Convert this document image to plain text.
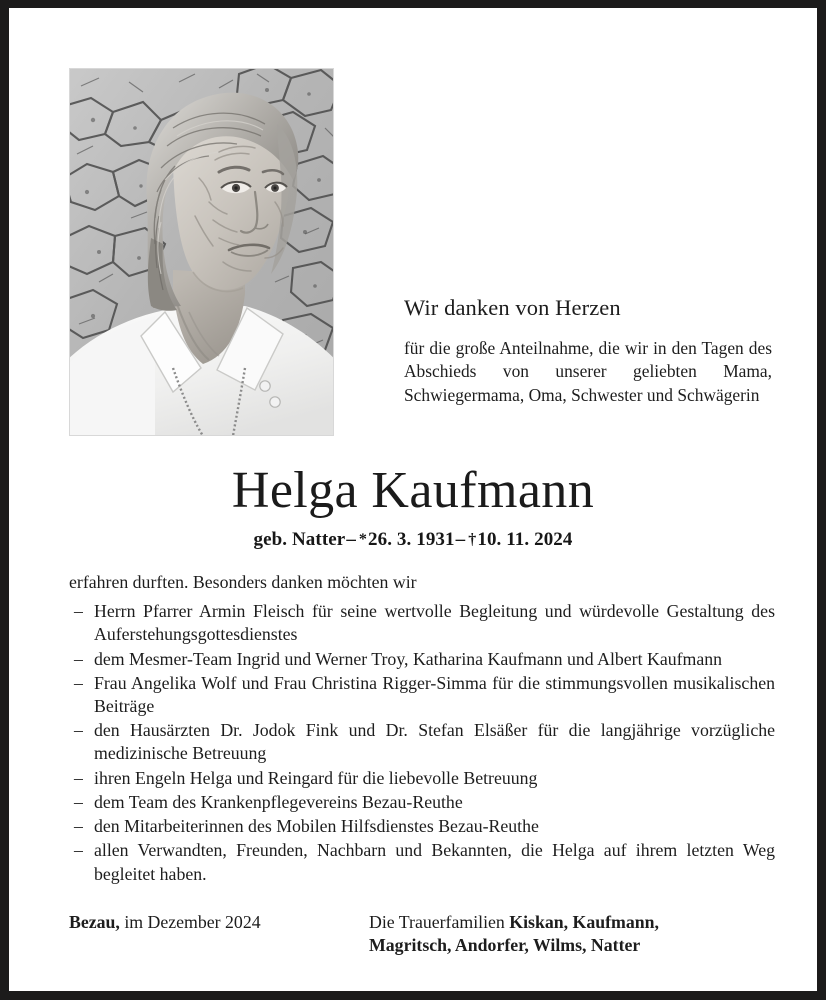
Wir danken von Herzen
für die große Anteilnahme, die wir in den Tagen des Abschieds von unserer geliebten Mama, Schwiegermama, Oma, Schwester und Schwägerin
Helga Kaufmann
geb. Natter– *26. 3. 1931– †10. 11. 2024

erfahren durften. Besonders danken möchten wir

– Herrn Pfarrer Armin Fleisch für seine wertvolle Begleitung und würdevolle Gestaltung des Auferstehungsgottesdienstes
– dem Mesmer-Team Ingrid und Werner Troy, Katharina Kaufmann und Albert Kaufmann
– Frau Angelika Wolf und Frau Christina Rigger-Simma für die stimmungsvollen musikalischen Beiträge
– den Hausärzten Dr. Jodok Fink und Dr. Stefan Elsäßer für die langjährige vorzügliche medizinische Betreuung
– ihren Engeln Helga und Reingard für die liebevolle Betreuung
– dem Team des Krankenpflegevereins Bezau-Reuthe
– den Mitarbeiterinnen des Mobilen Hilfsdienstes Bezau-Reuthe
– allen Verwandten, Freunden, Nachbarn und Bekannten, die Helga auf ihrem letzten Weg begleitet haben.
Bezau, im Dezember 2024	Die Trauerfamilien Kiskan, Kaufmann,
Magritsch, Andorfer, Wilms, Natter
